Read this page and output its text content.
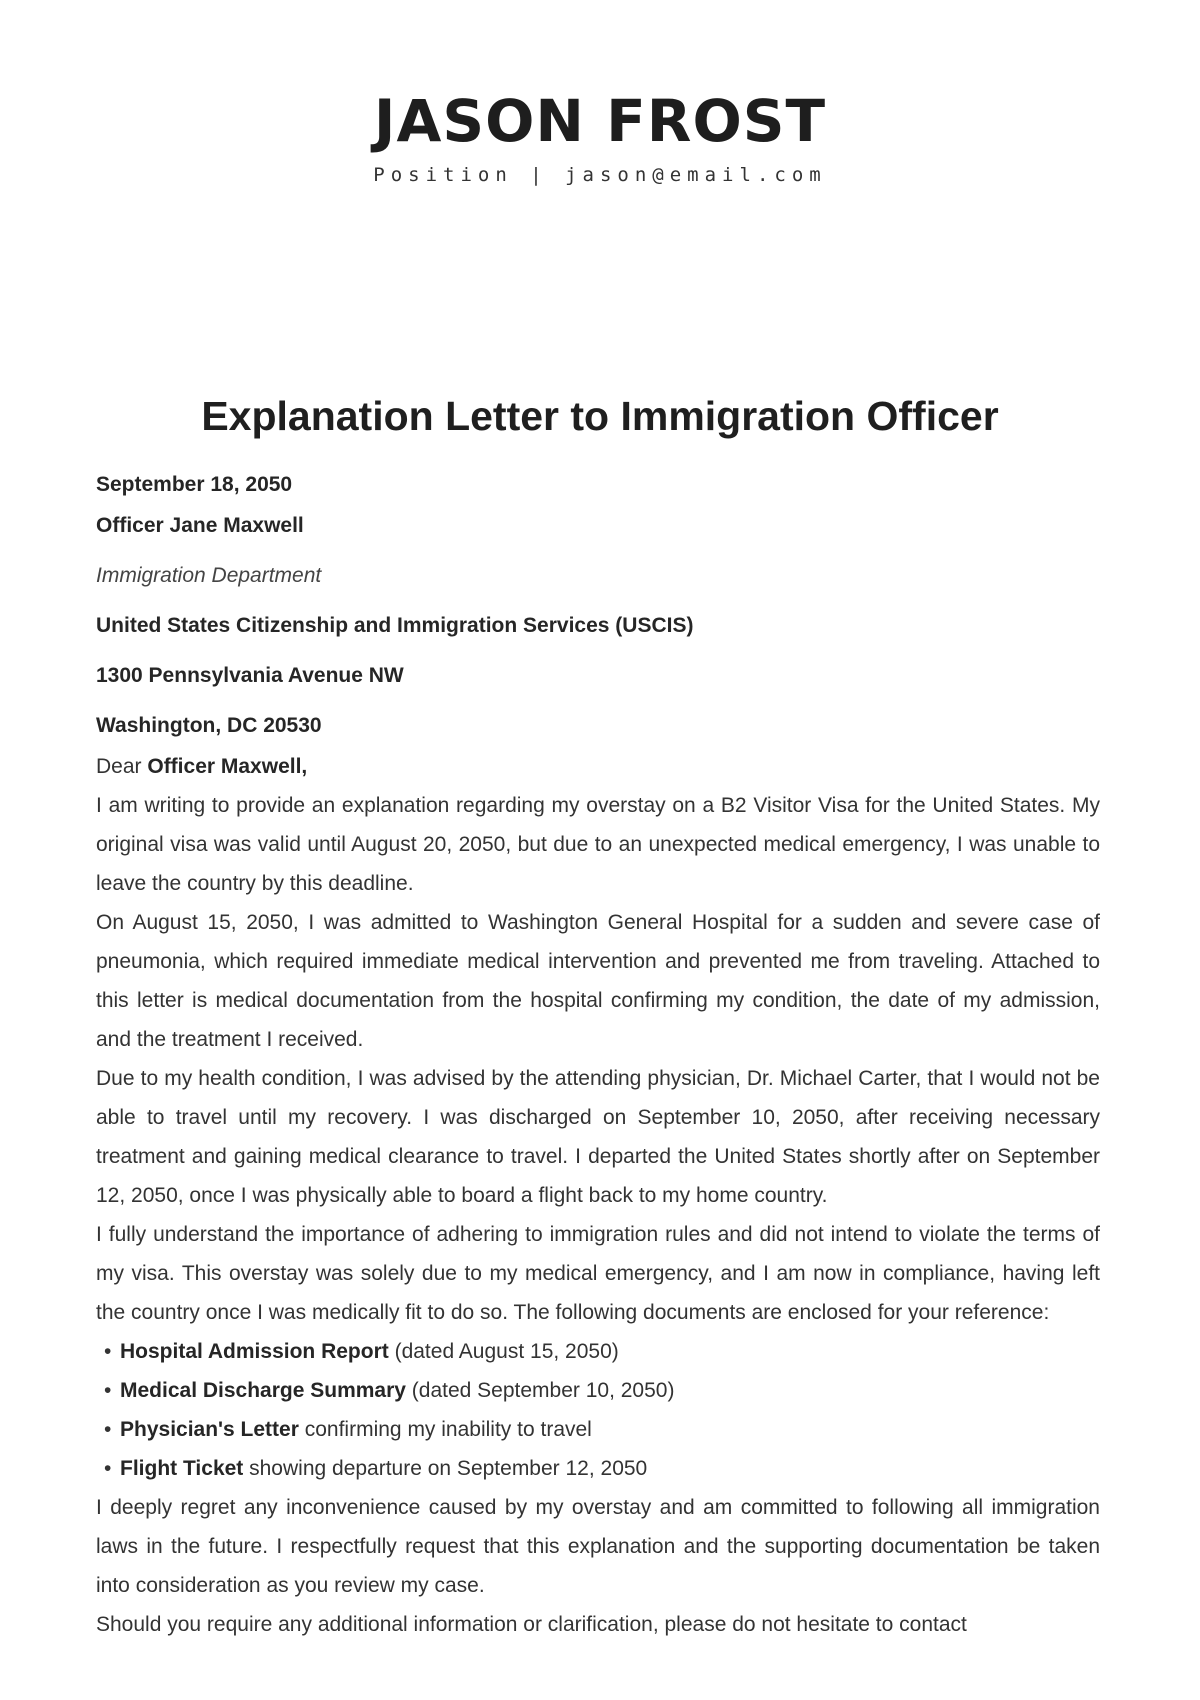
JASON FROST
Position | jason@email.com
Explanation Letter to Immigration Officer

September 18, 2050

Officer Jane Maxwell

Immigration Department

United States Citizenship and Immigration Services (USCIS)

1300 Pennsylvania Avenue NW

Washington, DC 20530

Dear Officer Maxwell,

I am writing to provide an explanation regarding my overstay on a B2 Visitor Visa for the United States. My original visa was valid until August 20, 2050, but due to an unexpected medical emergency, I was unable to leave the country by this deadline.

On August 15, 2050, I was admitted to Washington General Hospital for a sudden and severe case of pneumonia, which required immediate medical intervention and prevented me from traveling. Attached to this letter is medical documentation from the hospital confirming my condition, the date of my admission, and the treatment I received.

Due to my health condition, I was advised by the attending physician, Dr. Michael Carter, that I would not be able to travel until my recovery. I was discharged on September 10, 2050, after receiving necessary treatment and gaining medical clearance to travel. I departed the United States shortly after on September 12, 2050, once I was physically able to board a flight back to my home country.

I fully understand the importance of adhering to immigration rules and did not intend to violate the terms of my visa. This overstay was solely due to my medical emergency, and I am now in compliance, having left the country once I was medically fit to do so. The following documents are enclosed for your reference:

• Hospital Admission Report (dated August 15, 2050)
• Medical Discharge Summary (dated September 10, 2050)
• Physician's Letter confirming my inability to travel
• Flight Ticket showing departure on September 12, 2050

I deeply regret any inconvenience caused by my overstay and am committed to following all immigration laws in the future. I respectfully request that this explanation and the supporting documentation be taken into consideration as you review my case.

Should you require any additional information or clarification, please do not hesitate to contact
